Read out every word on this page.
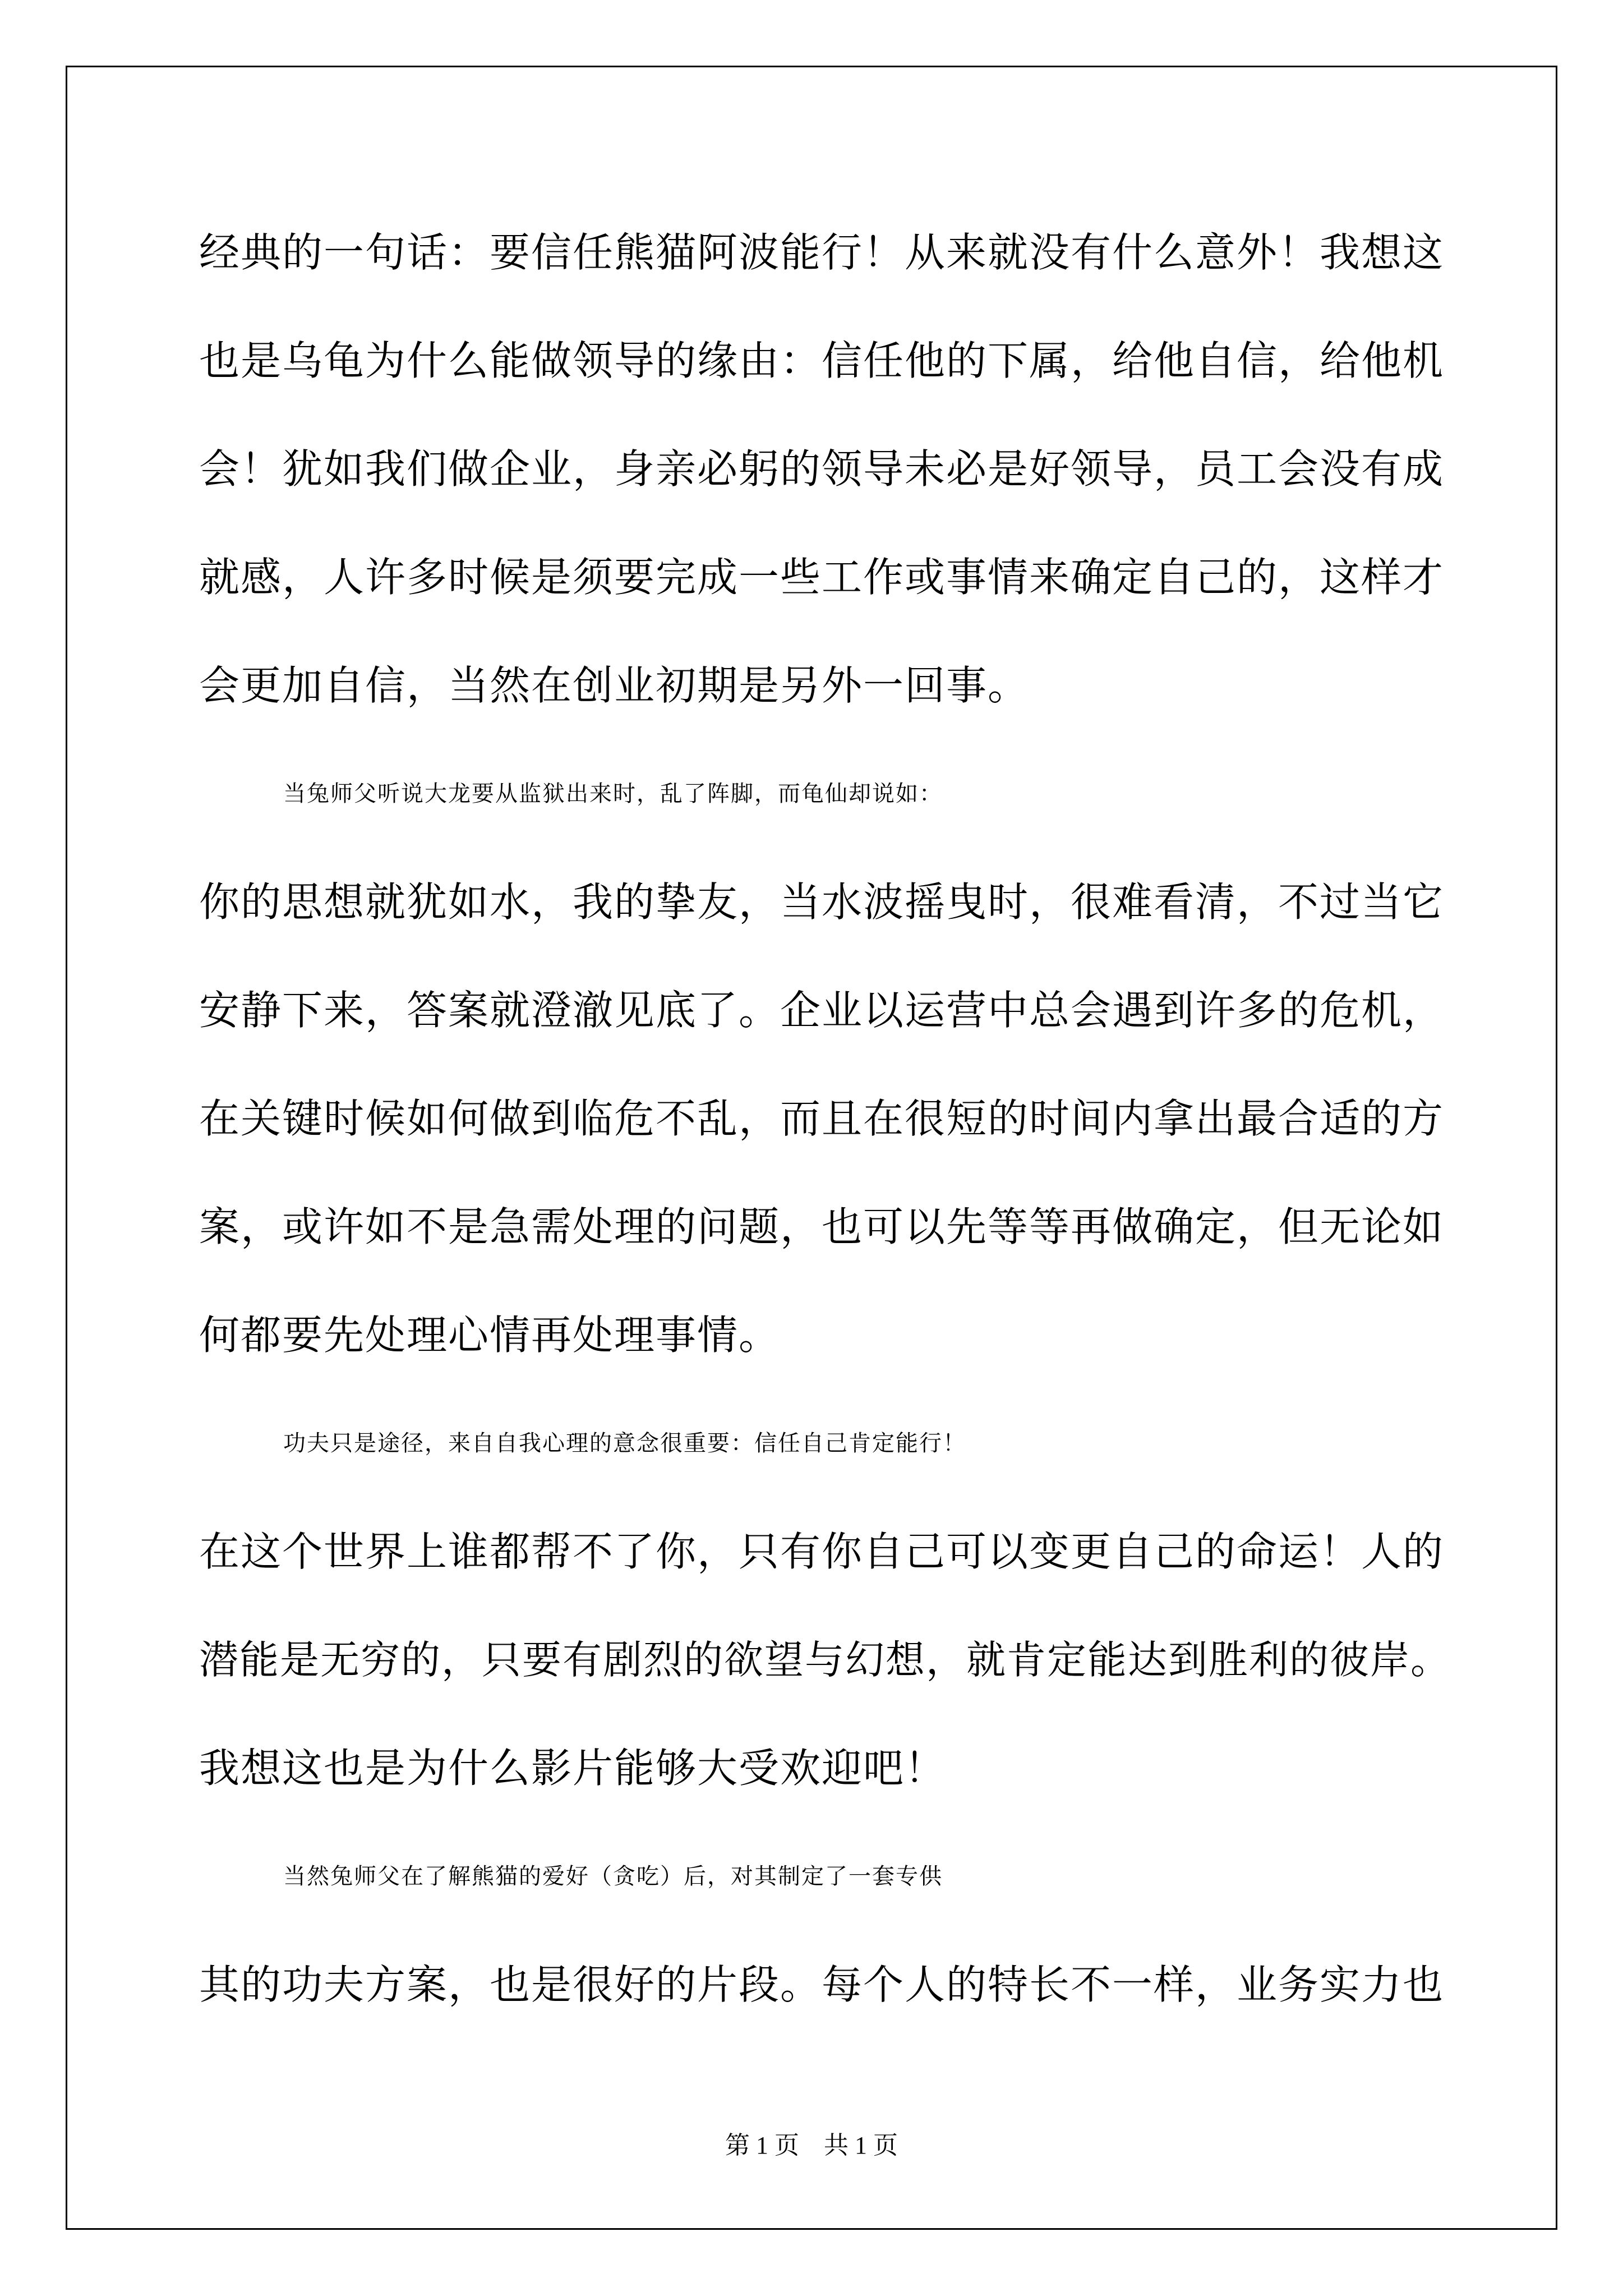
经典的一句话：要信任熊猫阿波能行！从来就没有什么意外！我想这
也是乌龟为什么能做领导的缘由：信任他的下属，给他自信，给他机
会！犹如我们做企业，身亲必躬的领导未必是好领导，员工会没有成
就感，人许多时候是须要完成一些工作或事情来确定自己的，这样才
会更加自信，当然在创业初期是另外一回事。
当兔师父听说大龙要从监狱出来时，乱了阵脚，而龟仙却说如：
你的思想就犹如水，我的挚友，当水波摇曳时，很难看清，不过当它
安静下来，答案就澄澈见底了。企业以运营中总会遇到许多的危机，
在关键时候如何做到临危不乱，而且在很短的时间内拿出最合适的方
案，或许如不是急需处理的问题，也可以先等等再做确定，但无论如
何都要先处理心情再处理事情。
功夫只是途径，来自自我心理的意念很重要：信任自己肯定能行！
在这个世界上谁都帮不了你，只有你自己可以变更自己的命运！人的
潜能是无穷的，只要有剧烈的欲望与幻想，就肯定能达到胜利的彼岸。
我想这也是为什么影片能够大受欢迎吧！
当然兔师父在了解熊猫的爱好（贪吃）后，对其制定了一套专供
其的功夫方案，也是很好的片段。每个人的特长不一样，业务实力也
第 1 页　共 1 页
